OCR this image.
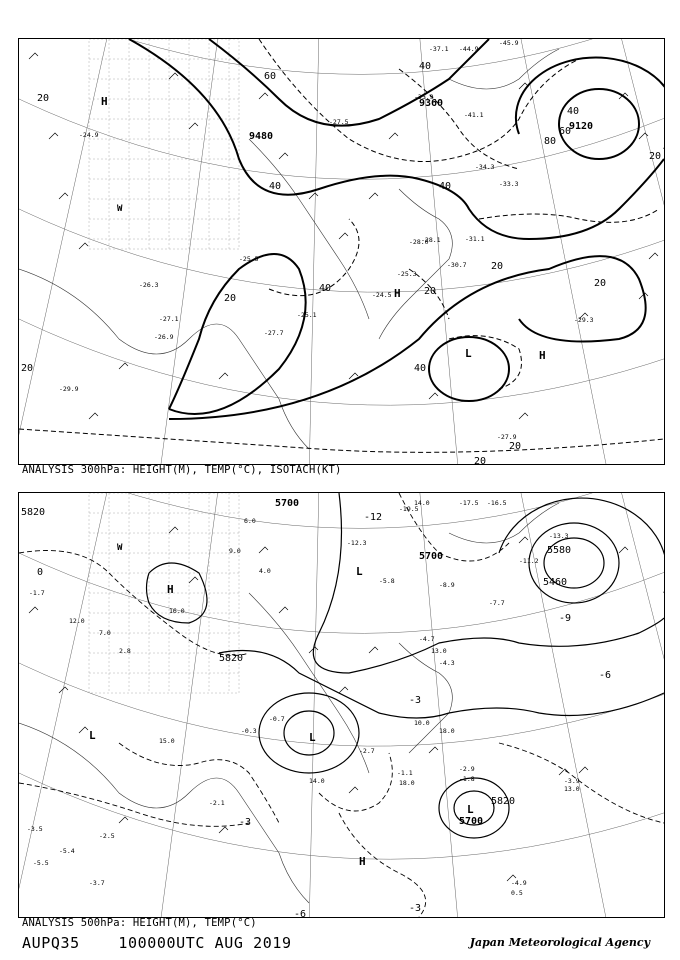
9360
9120
9480
H
H
H
L
W
20
20
20
20
20
20
20
20
40
40
40
40
40
40
60
80
60
20
-25.5
-28.0
-27.7
-31.1
-30.7
-25.3
-28.1
-24.5
-35.9
-37.1 -44.9
-45.9
-41.1
-34.3
-33.3
-29.3
-27.9
-25.1
-26.3
-27.1
-29.9
-26.9
-24.9
-27.5
ANALYSIS 300hPa: HEIGHT(M), TEMP(°C), ISOTACH(KT)
5700
5820
5700
5580
5460
5820
5820
5700
H
L
L
L
L
H
W
-12
-9
-6
-3
0
-3
-3
-6
-4.3
-5.8
-11.2
-13.3
-17.5
-19.5
-16.5
-12.3
-8.9
-7.7
-4.7
-3.9
-2.9
-2.7
-1.1
-0.7
-0.3
-1.8
-4.9
-3.5
-2.5
-5.5
-5.4
-3.7
-2.1
-1.7
14.0
13.0
18.0
13.0
14.0
0.5
16.0
18.0
12.0
15.0
10.0
9.0
6.0
4.0
2.8
7.0
ANALYSIS 500hPa: HEIGHT(M), TEMP(°C)
AUPQ35	100000UTC AUG 2019	Japan Meteorological Agency
